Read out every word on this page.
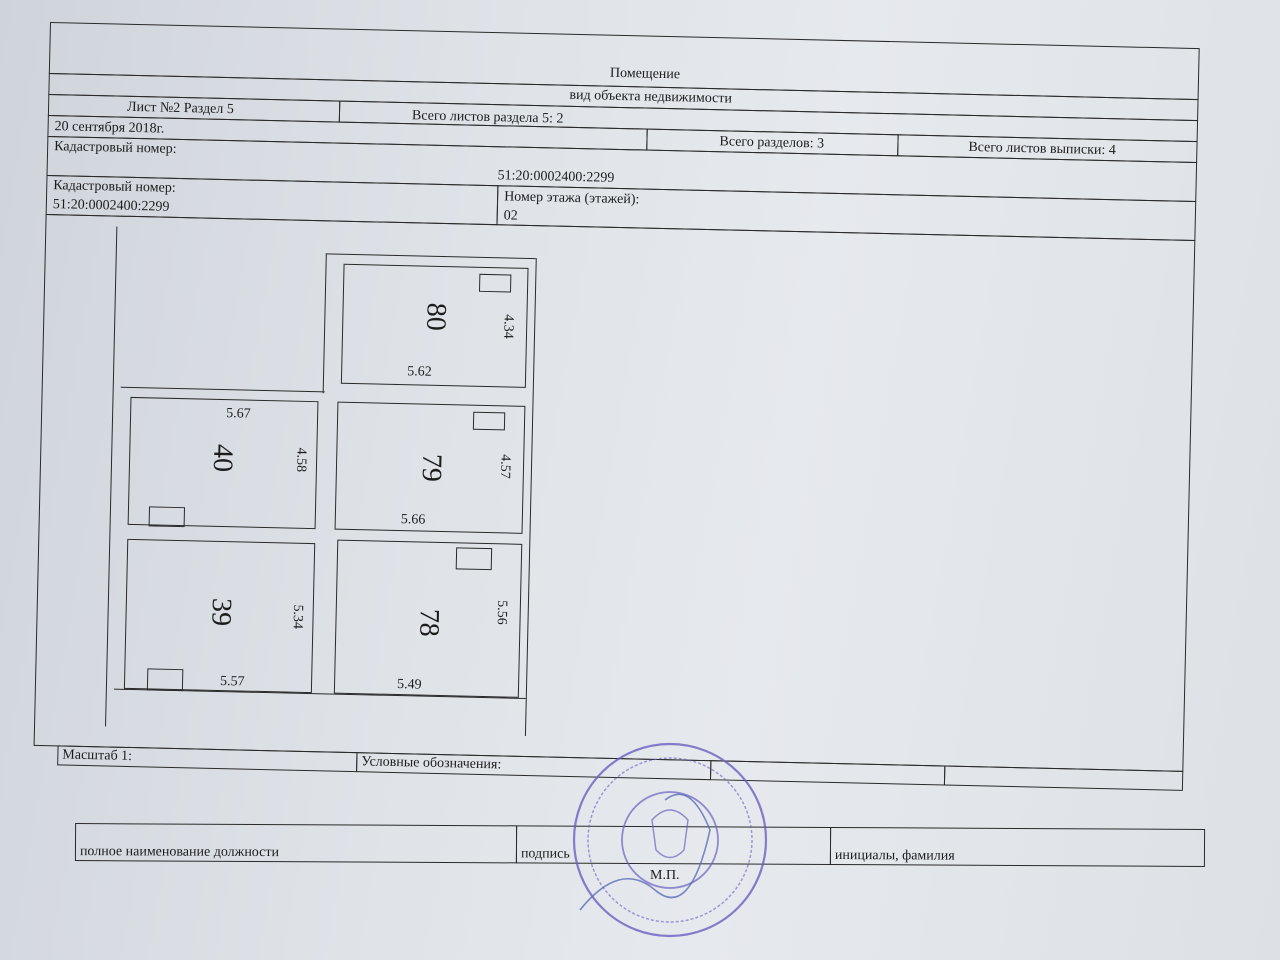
Помещение
вид объекта недвижимости
Лист №2 Раздел 5	Всего листов раздела 5: 2
20 сентября 2018г.
Всего разделов: 3	Всего листов выписки: 4
Кадастровый номер:
51:20:0002400:2299
Кадастровый номер:
51:20:0002400:2299	Номер этажа (этажей):
02
80	4.34
5.62
5.67
40	4.58	79	4.57
5.66
39	5.34
5.57
78	5.56
5.49
Масштаб 1:	Условные обозначения:
полное наименование должности	подпись	инициалы, фамилия
М.П.
